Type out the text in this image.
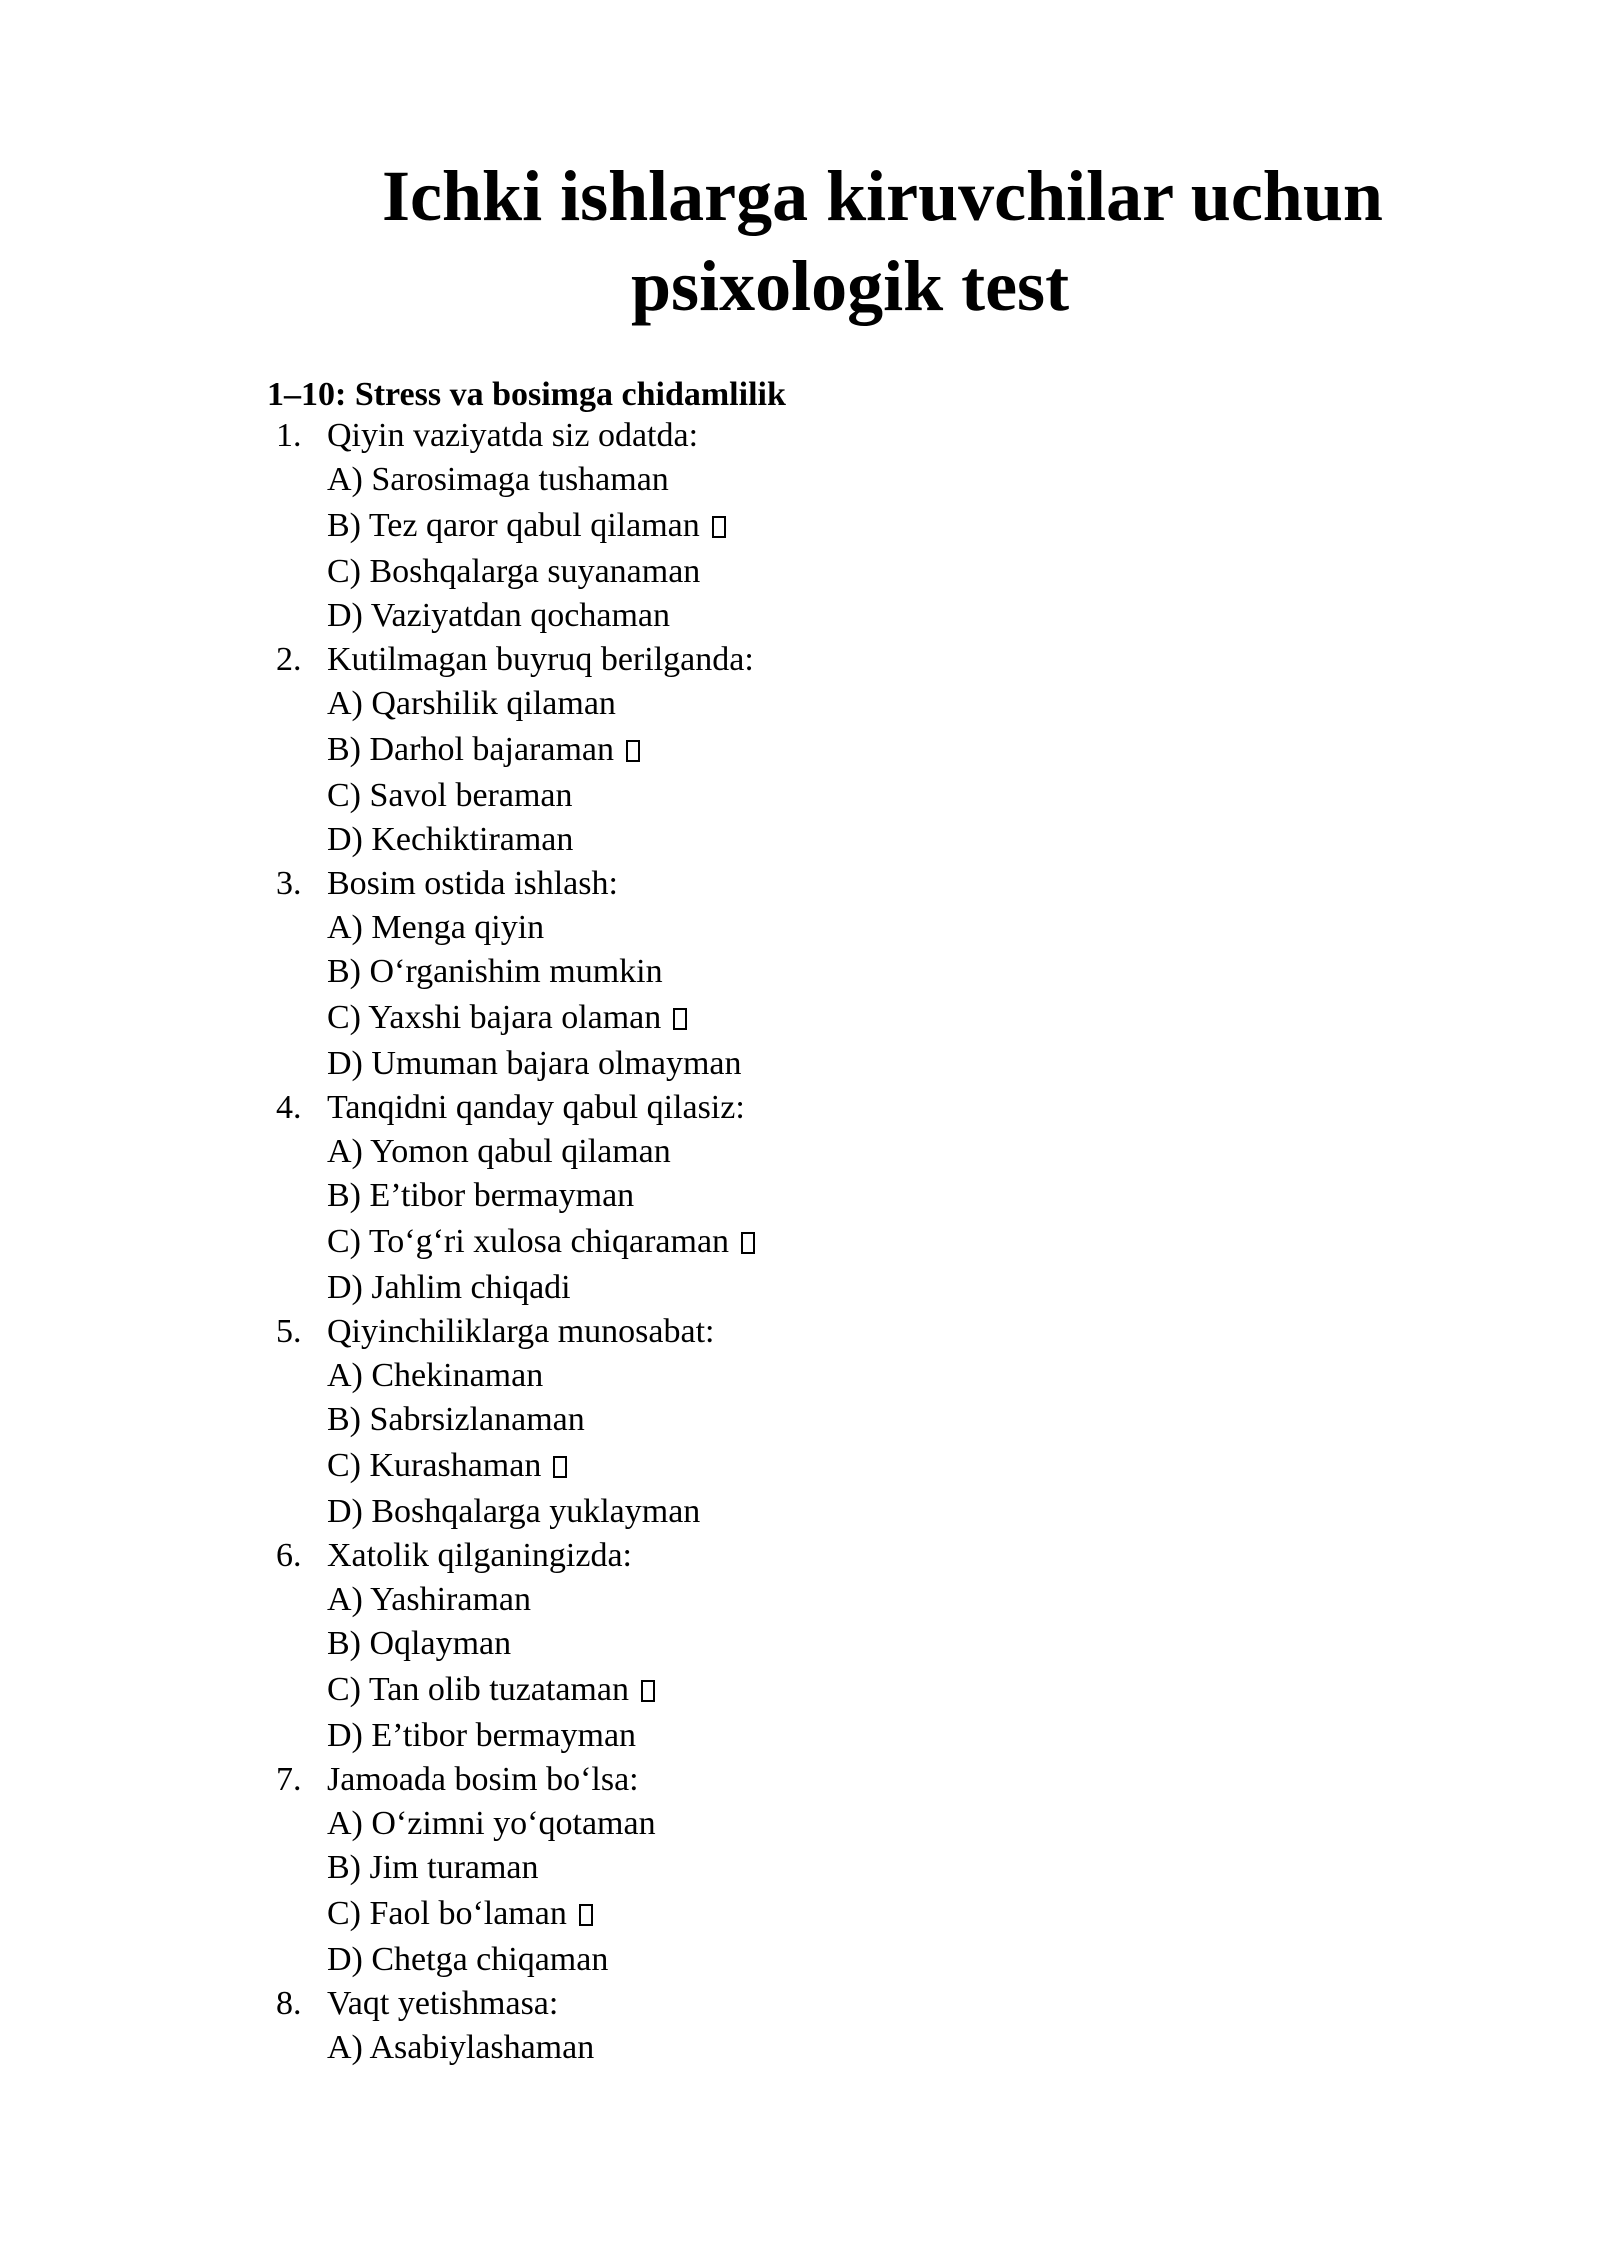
Ichki ishlarga kiruvchilar uchun
psixologik test
1–10: Stress va bosimga chidamlilik
1. Qiyin vaziyatda siz odatda:
A) Sarosimaga tushaman
B) Tez qaror qabul qilaman
C) Boshqalarga suyanaman
D) Vaziyatdan qochaman
2. Kutilmagan buyruq berilganda:
A) Qarshilik qilaman
B) Darhol bajaraman
C) Savol beraman
D) Kechiktiraman
3. Bosim ostida ishlash:
A) Menga qiyin
B) O‘rganishim mumkin
C) Yaxshi bajara olaman
D) Umuman bajara olmayman
4. Tanqidni qanday qabul qilasiz:
A) Yomon qabul qilaman
B) E’tibor bermayman
C) To‘g‘ri xulosa chiqaraman
D) Jahlim chiqadi
5. Qiyinchiliklarga munosabat:
A) Chekinaman
B) Sabrsizlanaman
C) Kurashaman
D) Boshqalarga yuklayman
6. Xatolik qilganingizda:
A) Yashiraman
B) Oqlayman
C) Tan olib tuzataman
D) E’tibor bermayman
7. Jamoada bosim bo‘lsa:
A) O‘zimni yo‘qotaman
B) Jim turaman
C) Faol bo‘laman
D) Chetga chiqaman
8. Vaqt yetishmasa:
A) Asabiylashaman
